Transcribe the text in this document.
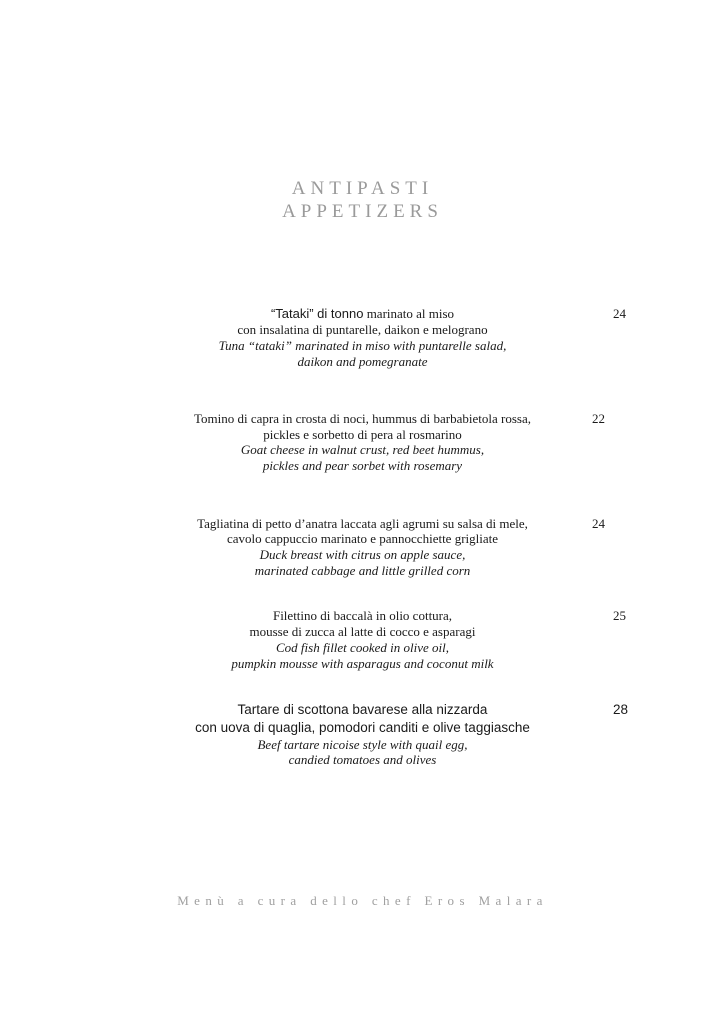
ANTIPASTI
APPETIZERS
“Tataki” di tonno marinato al miso
con insalatina di puntarelle, daikon e melograno
Tuna “tataki” marinated in miso with puntarelle salad,
daikon and pomegranate
24
Tomino di capra in crosta di noci, hummus di barbabietola rossa,
pickles e sorbetto di pera al rosmarino
Goat cheese in walnut crust, red beet hummus,
pickles and pear sorbet with rosemary
22
Tagliatina di petto d’anatra laccata agli agrumi su salsa di mele,
cavolo cappuccio marinato e pannocchiette grigliate
Duck breast with citrus on apple sauce,
marinated cabbage and little grilled corn
24
Filettino di baccalà in olio cottura,
mousse di zucca al latte di cocco e asparagi
Cod fish fillet cooked in olive oil,
pumpkin mousse with asparagus and coconut milk
25
Tartare di scottona bavarese alla nizzarda
con uova di quaglia, pomodori canditi e olive taggiasche
Beef tartare nicoise style with quail egg,
candied tomatoes and olives
28
Menù a cura dello chef Eros Malara
